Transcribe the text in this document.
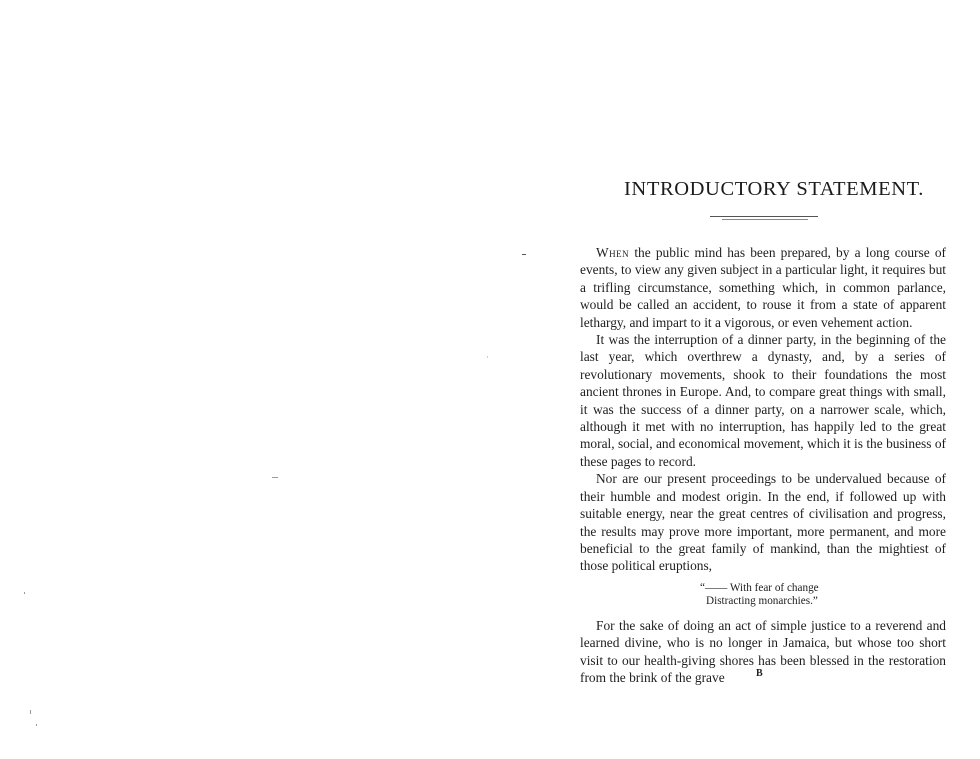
INTRODUCTORY STATEMENT.

When the public mind has been prepared, by a long course of events, to view any given subject in a particular light, it requires but a trifling circumstance, something which, in common parlance, would be called an accident, to rouse it from a state of apparent lethargy, and impart to it a vigorous, or even vehement action.

It was the interruption of a dinner party, in the beginning of the last year, which overthrew a dynasty, and, by a series of revolutionary movements, shook to their foundations the most ancient thrones in Europe. And, to compare great things with small, it was the success of a dinner party, on a narrower scale, which, although it met with no interruption, has happily led to the great moral, social, and economical movement, which it is the business of these pages to record.

Nor are our present proceedings to be undervalued because of their humble and modest origin. In the end, if followed up with suitable energy, near the great centres of civilisation and progress, the results may prove more important, more permanent, and more beneficial to the great family of mankind, than the mightiest of those political eruptions,

“—— With fear of change
Distracting monarchies.”

For the sake of doing an act of simple justice to a reverend and learned divine, who is no longer in Jamaica, but whose too short visit to our health-giving shores has been blessed in the restoration from the brink of the grave	B
